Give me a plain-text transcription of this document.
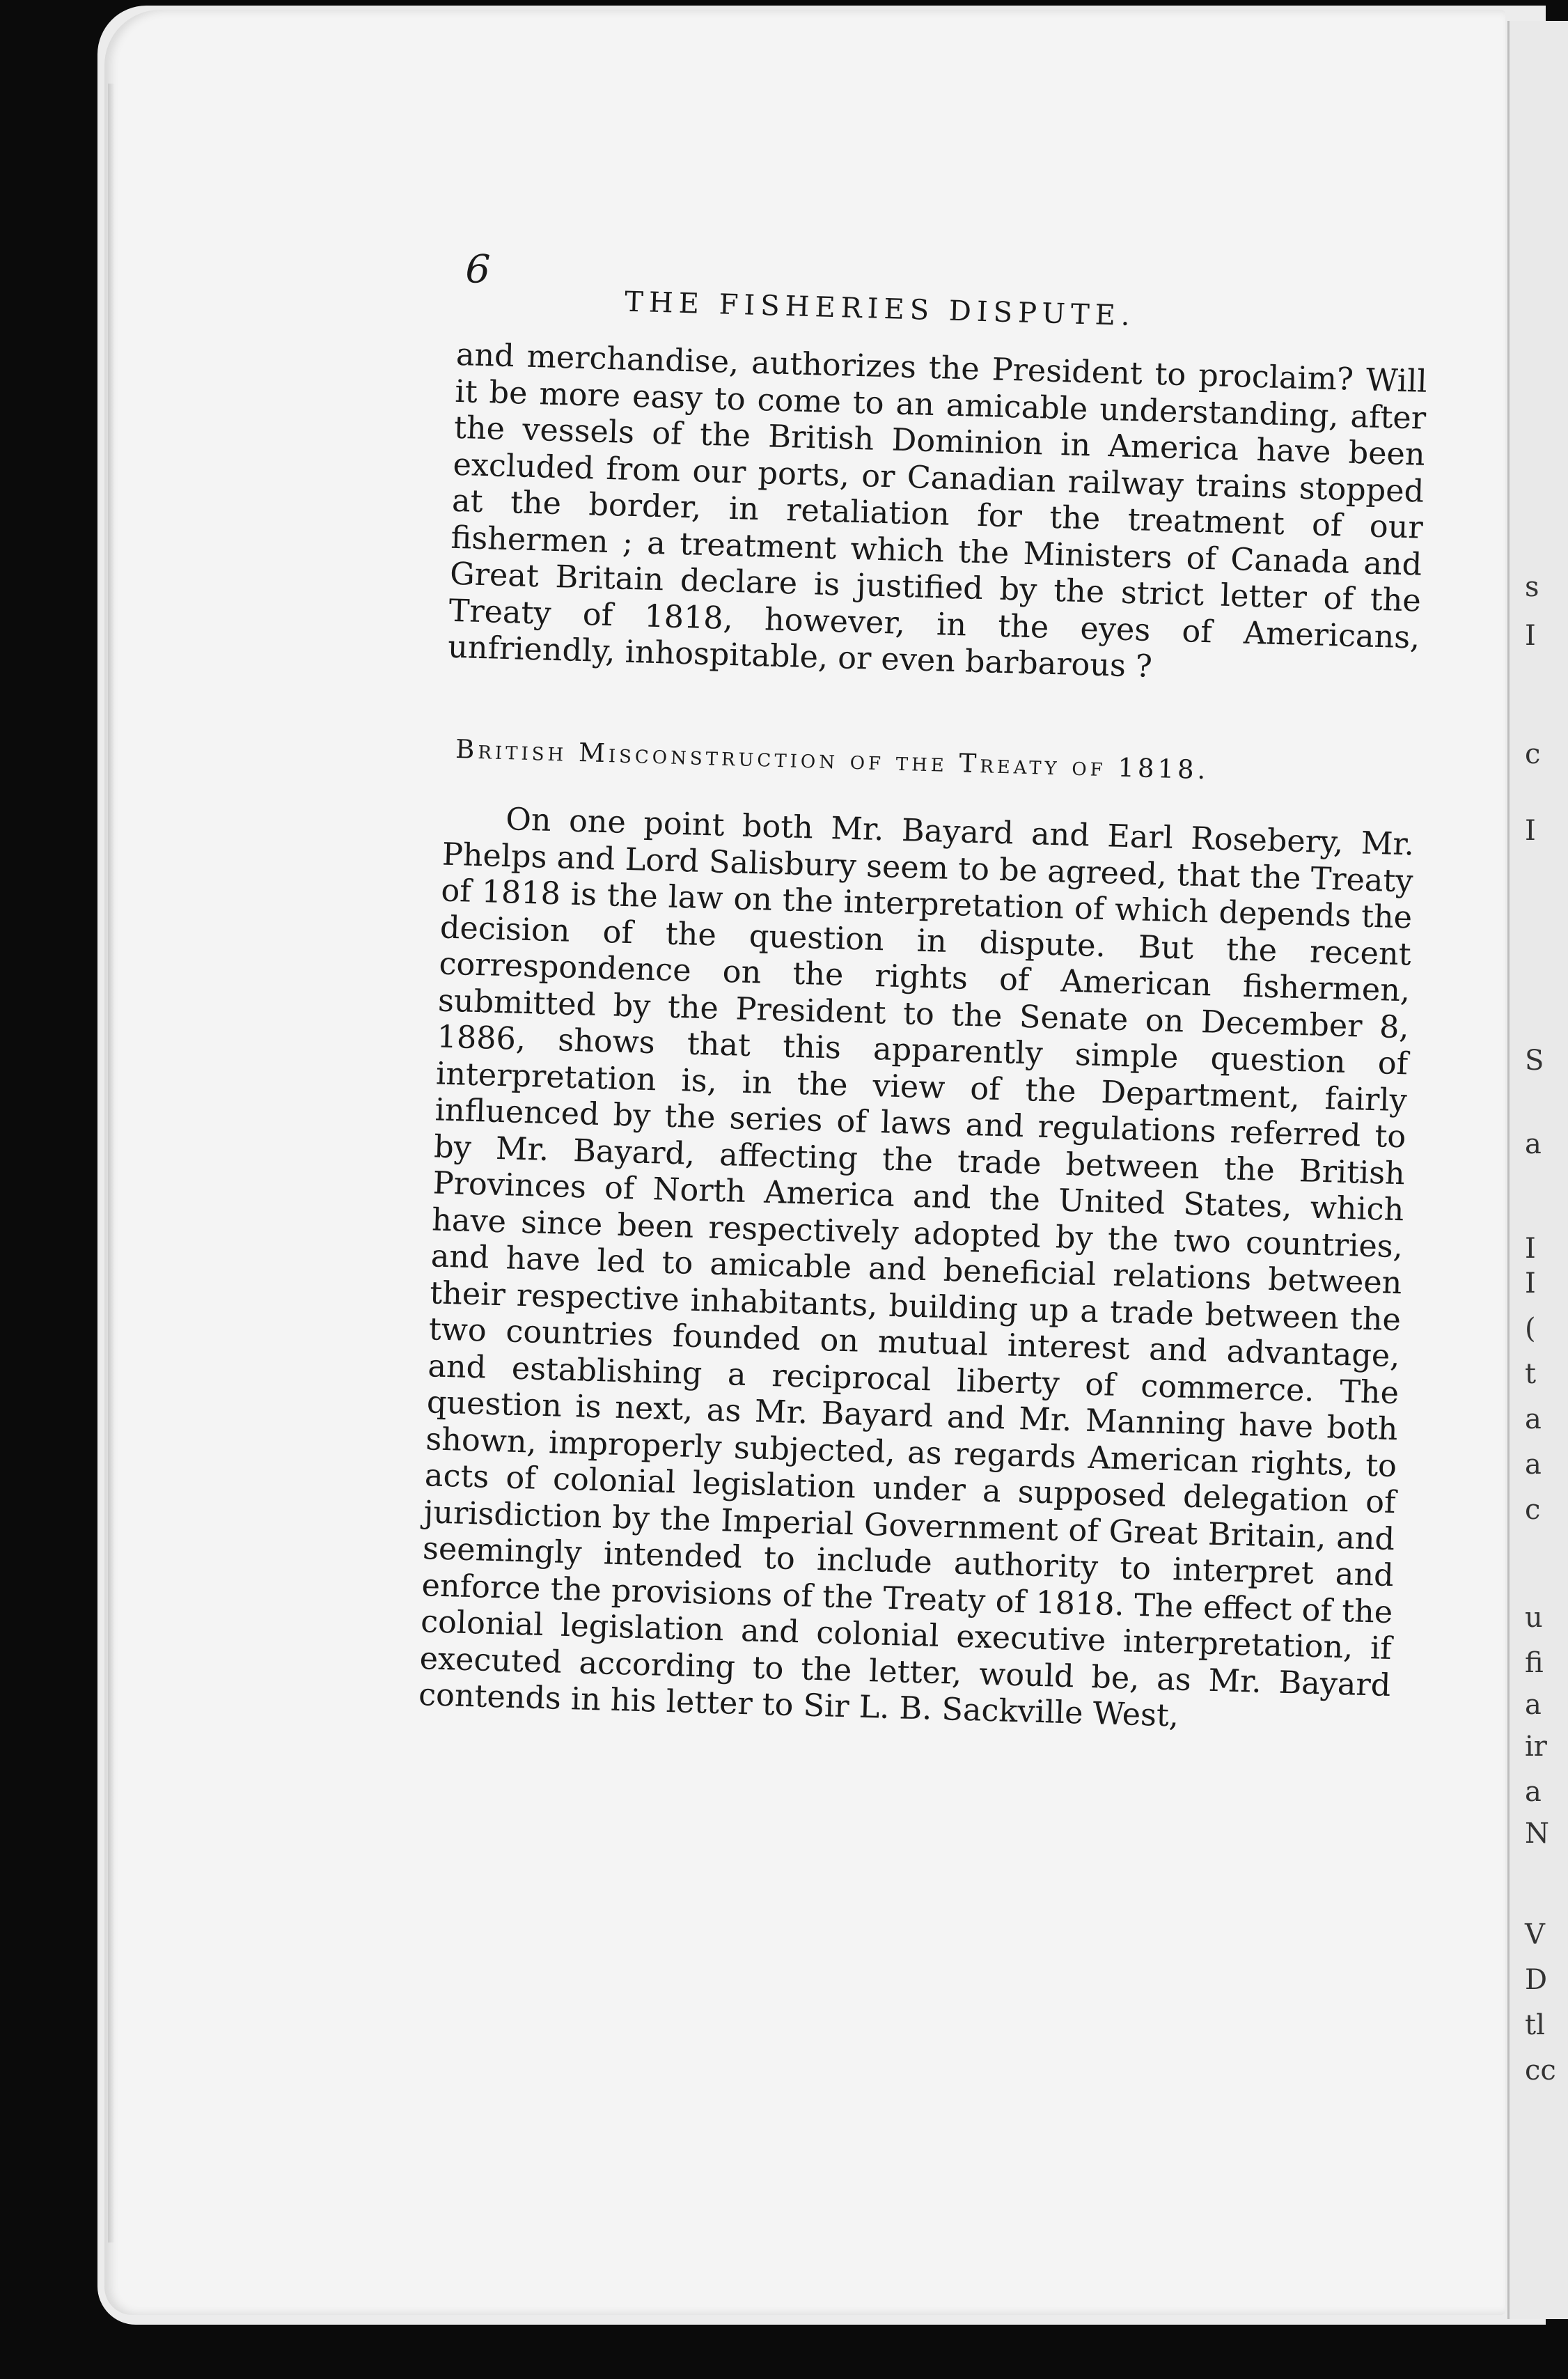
s
I
c
I
S
a
I
I
(
t
a
a
c
u
fi
a
ir
a
N
V
D
tl
cc
6
THE FISHERIES DISPUTE.
and merchandise, authorizes the President to proclaim? Will it be more easy to come to an amicable understanding, after the vessels of the British Dominion in America have been excluded from our ports, or Canadian railway trains stopped at the border, in retaliation for the treatment of our fishermen ; a treatment which the Ministers of Canada and Great Britain declare is justified by the strict letter of the Treaty of 1818, however, in the eyes of Americans, unfriendly, inhospitable, or even barbarous ?
British Misconstruction of the Treaty of 1818.
On one point both Mr. Bayard and Earl Rosebery, Mr. Phelps and Lord Salisbury seem to be agreed, that the Treaty of 1818 is the law on the interpretation of which depends the decision of the question in dispute. But the recent correspondence on the rights of American fishermen, submitted by the President to the Senate on December 8, 1886, shows that this apparently simple question of interpretation is, in the view of the Department, fairly influenced by the series of laws and regulations referred to by Mr. Bayard, affecting the trade between the British Provinces of North America and the United States, which have since been respectively adopted by the two countries, and have led to amicable and beneficial relations between their respective inhabitants, building up a trade between the two countries founded on mutual interest and advantage, and establishing a reciprocal liberty of commerce. The question is next, as Mr. Bayard and Mr. Manning have both shown, improperly subjected, as regards American rights, to acts of colonial legislation under a supposed delegation of jurisdiction by the Imperial Government of Great Britain, and seemingly intended to include authority to interpret and enforce the provisions of the Treaty of 1818. The effect of the colonial legislation and colonial executive interpretation, if executed according to the letter, would be, as Mr. Bayard contends in his letter to Sir L. B. Sackville West,
